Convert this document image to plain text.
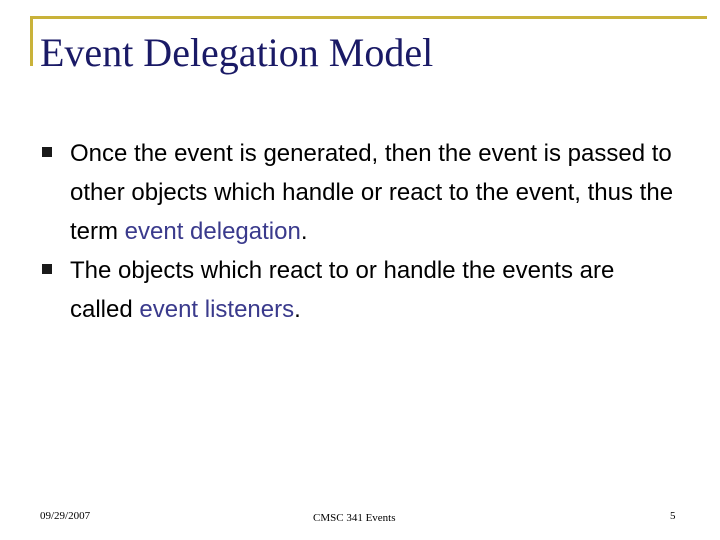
Event Delegation Model
Once the event is generated, then the event is passed to other objects which handle or react to the event, thus the term event delegation.
The objects which react to or handle the events are called event listeners.
09/29/2007	CMSC 341 Events	5
